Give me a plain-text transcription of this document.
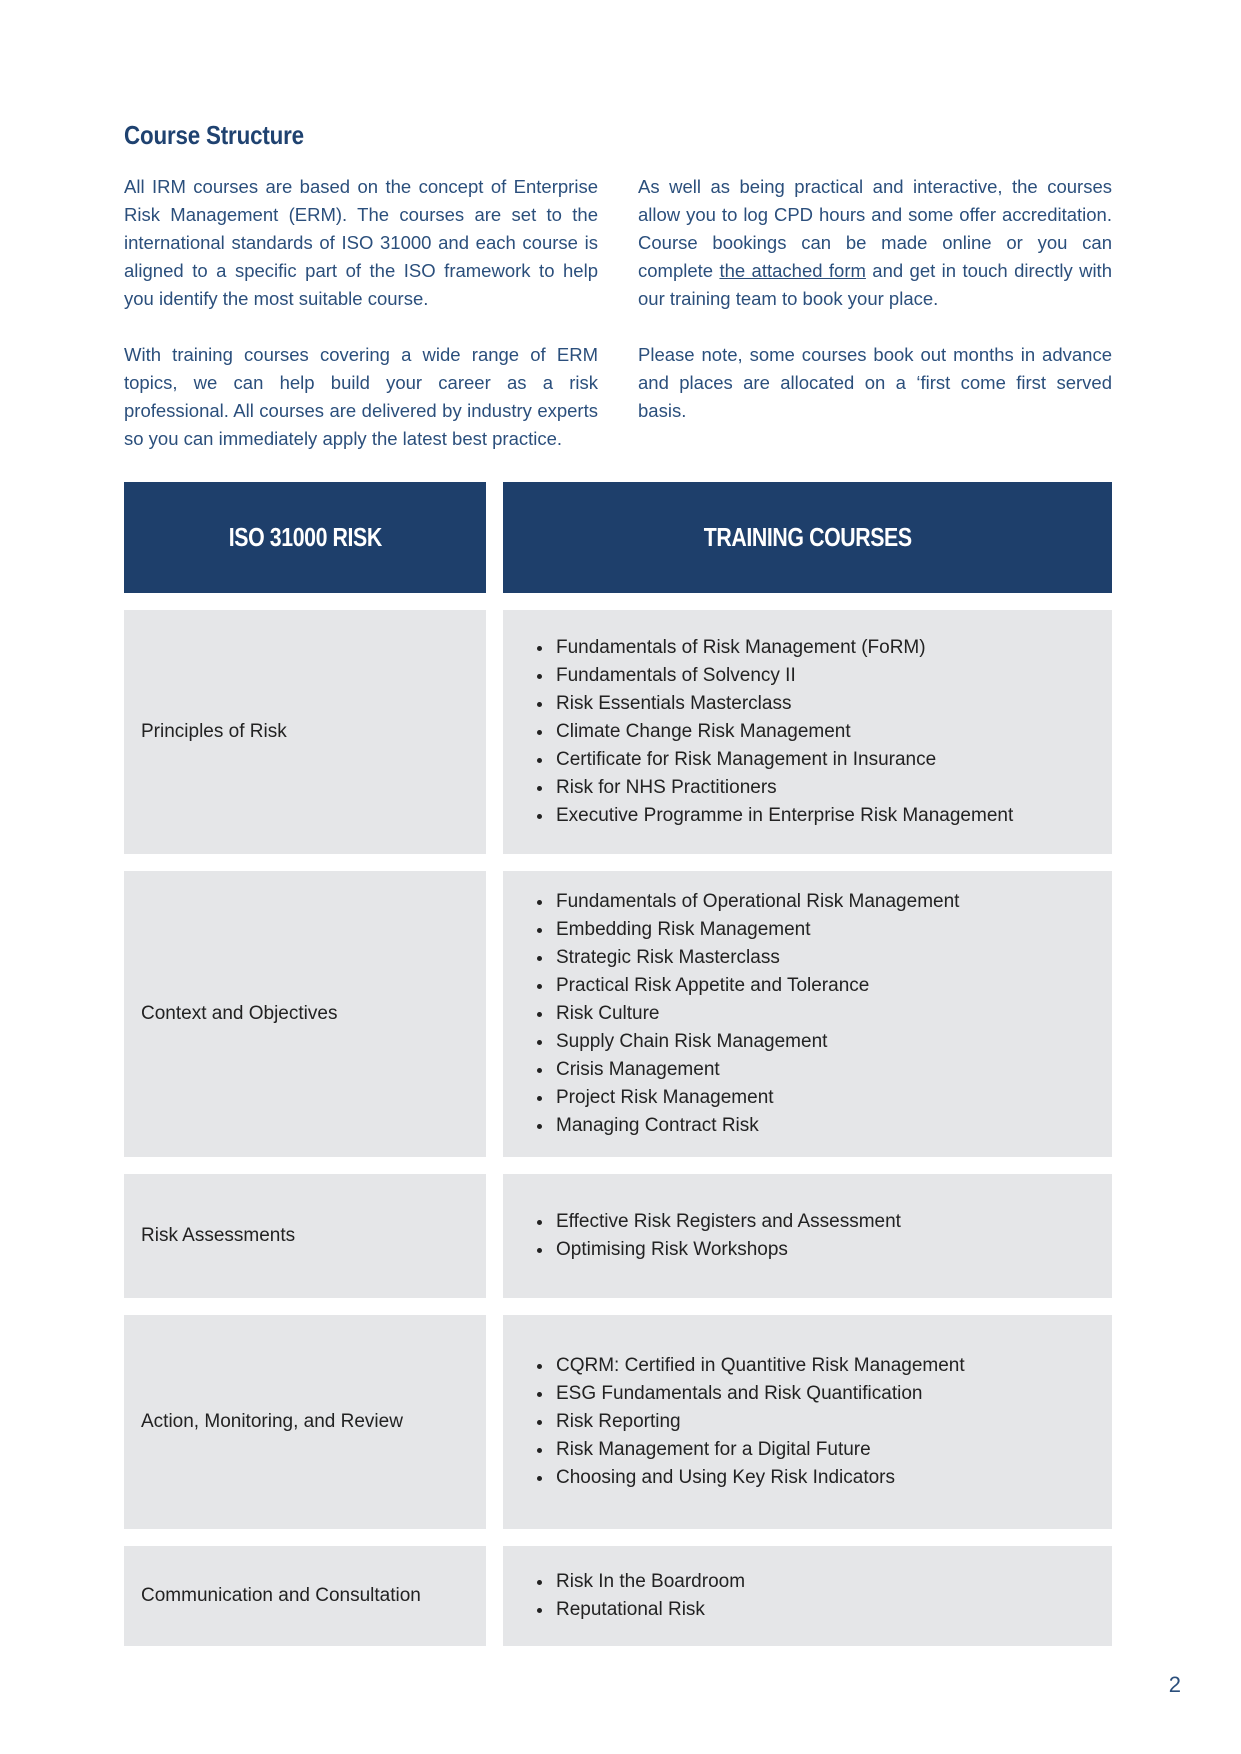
Course Structure

All IRM courses are based on the concept of Enterprise Risk Management (ERM). The courses are set to the international standards of ISO 31000 and each course is aligned to a specific part of the ISO framework to help you identify the most suitable course.

With training courses covering a wide range of ERM topics, we can help build your career as a risk professional. All courses are delivered by industry experts so you can immediately apply the latest best practice.

As well as being practical and interactive, the courses allow you to log CPD hours and some offer accreditation. Course bookings can be made online or you can complete the attached form and get in touch directly with our training team to book your place.

Please note, some courses book out months in advance and places are allocated on a ‘first come first served basis.

ISO 31000 RISK	TRAINING COURSES
Principles of Risk
Fundamentals of Risk Management (FoRM)
Fundamentals of Solvency II
Risk Essentials Masterclass
Climate Change Risk Management
Certificate for Risk Management in Insurance
Risk for NHS Practitioners
Executive Programme in Enterprise Risk Management
Context and Objectives
Fundamentals of Operational Risk Management
Embedding Risk Management
Strategic Risk Masterclass
Practical Risk Appetite and Tolerance
Risk Culture
Supply Chain Risk Management
Crisis Management
Project Risk Management
Managing Contract Risk
Risk Assessments
Effective Risk Registers and Assessment
Optimising Risk Workshops
Action, Monitoring, and Review
CQRM: Certified in Quantitive Risk Management
ESG Fundamentals and Risk Quantification
Risk Reporting
Risk Management for a Digital Future
Choosing and Using Key Risk Indicators
Communication and Consultation
Risk In the Boardroom
Reputational Risk
2
